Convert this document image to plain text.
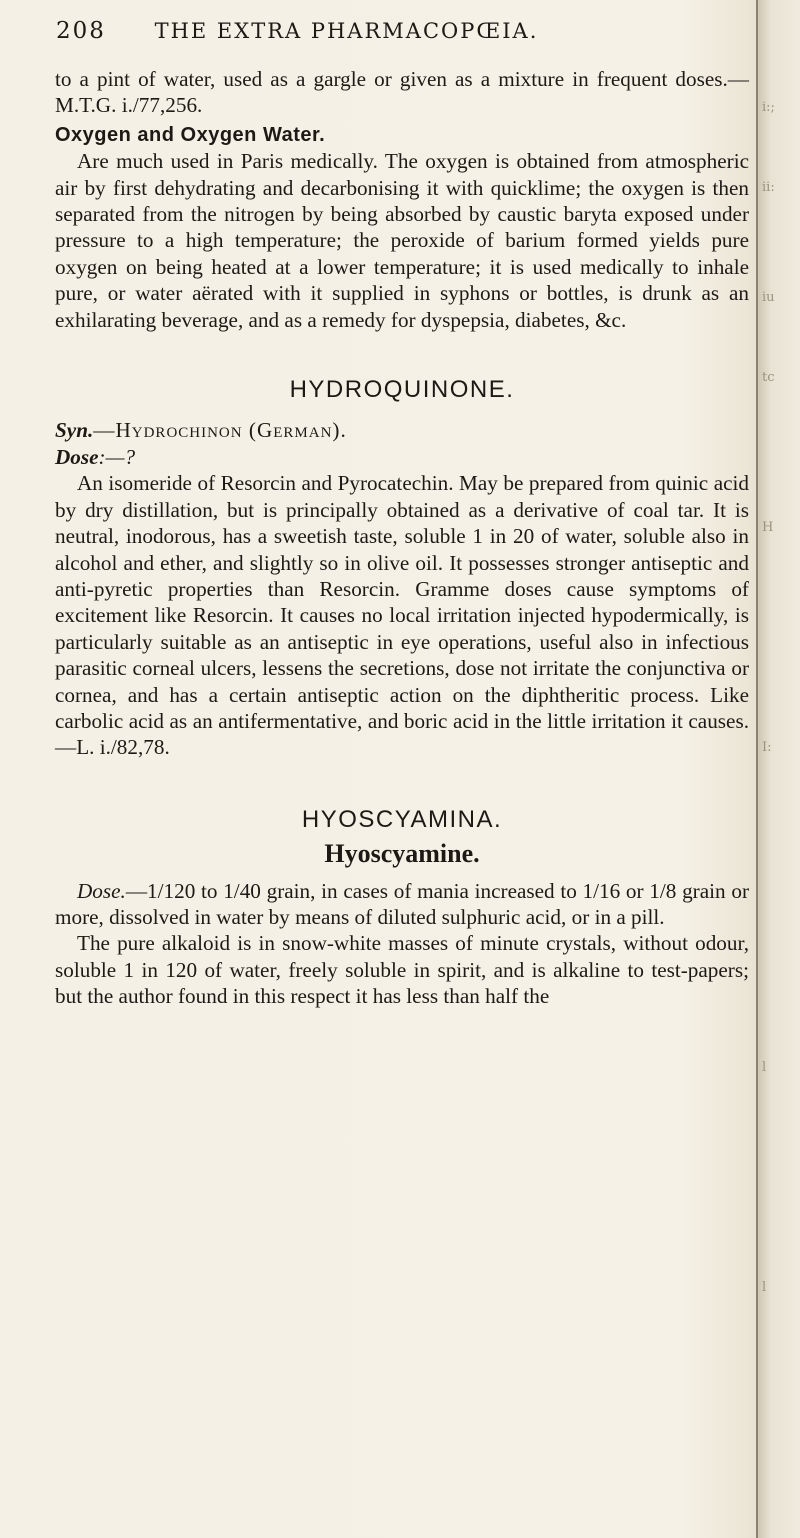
i:;
ii:
iu
tc
H
I:
l
l
208 THE EXTRA PHARMACOPŒIA.

to a pint of water, used as a gargle or given as a mixture in frequent doses.—M.T.G. i./77,256.

Oxygen and Oxygen Water.

Are much used in Paris medically. The oxygen is obtained from atmospheric air by first dehydrating and decarbonising it with quicklime; the oxygen is then separated from the nitrogen by being absorbed by caustic baryta exposed under pressure to a high temperature; the peroxide of barium formed yields pure oxygen on being heated at a lower temperature; it is used medically to inhale pure, or water aërated with it supplied in syphons or bottles, is drunk as an exhilarating beverage, and as a remedy for dyspepsia, diabetes, &c.

HYDROQUINONE.

Syn.—Hydrochinon (German).

Dose:—?

An isomeride of Resorcin and Pyrocatechin. May be prepared from quinic acid by dry distillation, but is principally obtained as a derivative of coal tar. It is neutral, inodorous, has a sweetish taste, soluble 1 in 20 of water, soluble also in alcohol and ether, and slightly so in olive oil. It possesses stronger antiseptic and anti-pyretic properties than Resorcin. Gramme doses cause symptoms of excitement like Resorcin. It causes no local irritation injected hypodermically, is particularly suitable as an antiseptic in eye operations, useful also in infectious parasitic corneal ulcers, lessens the secretions, dose not irritate the conjunctiva or cornea, and has a certain antiseptic action on the diphtheritic process. Like carbolic acid as an antifermentative, and boric acid in the little irritation it causes.—L. i./82,78.

HYOSCYAMINA.

Hyoscyamine.

Dose.—1/120 to 1/40 grain, in cases of mania increased to 1/16 or 1/8 grain or more, dissolved in water by means of diluted sulphuric acid, or in a pill.

The pure alkaloid is in snow-white masses of minute crystals, without odour, soluble 1 in 120 of water, freely soluble in spirit, and is alkaline to test-papers; but the author found in this respect it has less than half the
